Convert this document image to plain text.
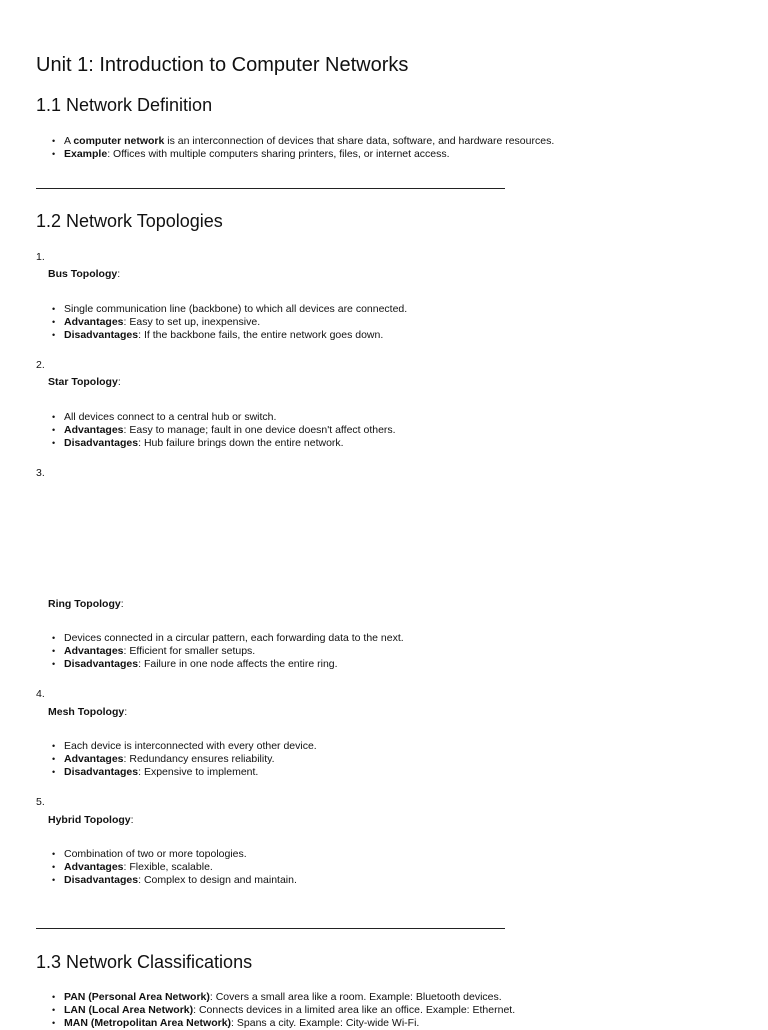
Unit 1: Introduction to Computer Networks
1.1 Network Definition
• A computer network is an interconnection of devices that share data, software, and hardware resources.
• Example: Offices with multiple computers sharing printers, files, or internet access.
1.2 Network Topologies
1.
Bus Topology:
• Single communication line (backbone) to which all devices are connected.
• Advantages: Easy to set up, inexpensive.
• Disadvantages: If the backbone fails, the entire network goes down.
2.
Star Topology:
• All devices connect to a central hub or switch.
• Advantages: Easy to manage; fault in one device doesn't affect others.
• Disadvantages: Hub failure brings down the entire network.
3.
Ring Topology:
• Devices connected in a circular pattern, each forwarding data to the next.
• Advantages: Efficient for smaller setups.
• Disadvantages: Failure in one node affects the entire ring.
4.
Mesh Topology:
• Each device is interconnected with every other device.
• Advantages: Redundancy ensures reliability.
• Disadvantages: Expensive to implement.
5.
Hybrid Topology:
• Combination of two or more topologies.
• Advantages: Flexible, scalable.
• Disadvantages: Complex to design and maintain.
1.3 Network Classifications
• PAN (Personal Area Network): Covers a small area like a room. Example: Bluetooth devices.
• LAN (Local Area Network): Connects devices in a limited area like an office. Example: Ethernet.
• MAN (Metropolitan Area Network): Spans a city. Example: City-wide Wi-Fi.
